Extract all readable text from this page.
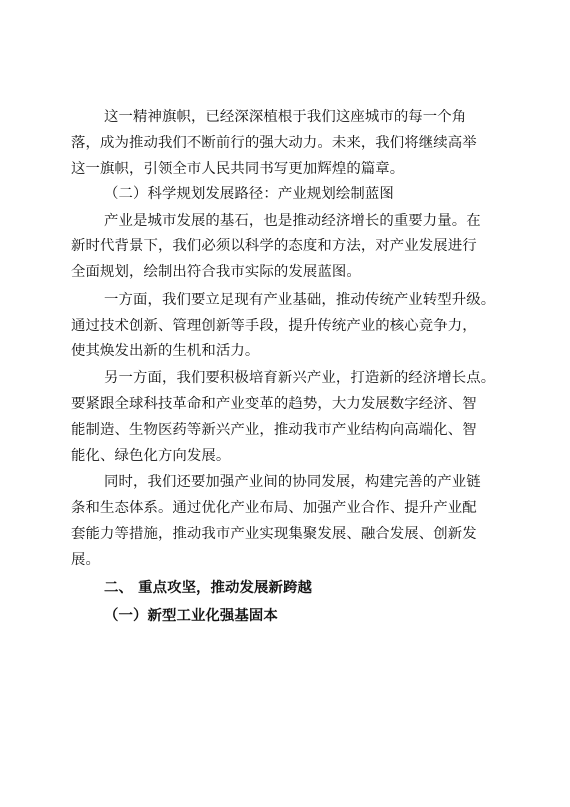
这一精神旗帜，已经深深植根于我们这座城市的每一个角
落，成为推动我们不断前行的强大动力。未来，我们将继续高举
这一旗帜，引领全市人民共同书写更加辉煌的篇章。
（二）科学规划发展路径：产业规划绘制蓝图
产业是城市发展的基石，也是推动经济增长的重要力量。在
新时代背景下，我们必须以科学的态度和方法，对产业发展进行
全面规划，绘制出符合我市实际的发展蓝图。
一方面，我们要立足现有产业基础，推动传统产业转型升级。
通过技术创新、管理创新等手段，提升传统产业的核心竞争力，
使其焕发出新的生机和活力。
另一方面，我们要积极培育新兴产业，打造新的经济增长点。
要紧跟全球科技革命和产业变革的趋势，大力发展数字经济、智
能制造、生物医药等新兴产业，推动我市产业结构向高端化、智
能化、绿色化方向发展。
同时，我们还要加强产业间的协同发展，构建完善的产业链
条和生态体系。通过优化产业布局、加强产业合作、提升产业配
套能力等措施，推动我市产业实现集聚发展、融合发展、创新发
展。
二、 重点攻坚，推动发展新跨越
（一）新型工业化强基固本
